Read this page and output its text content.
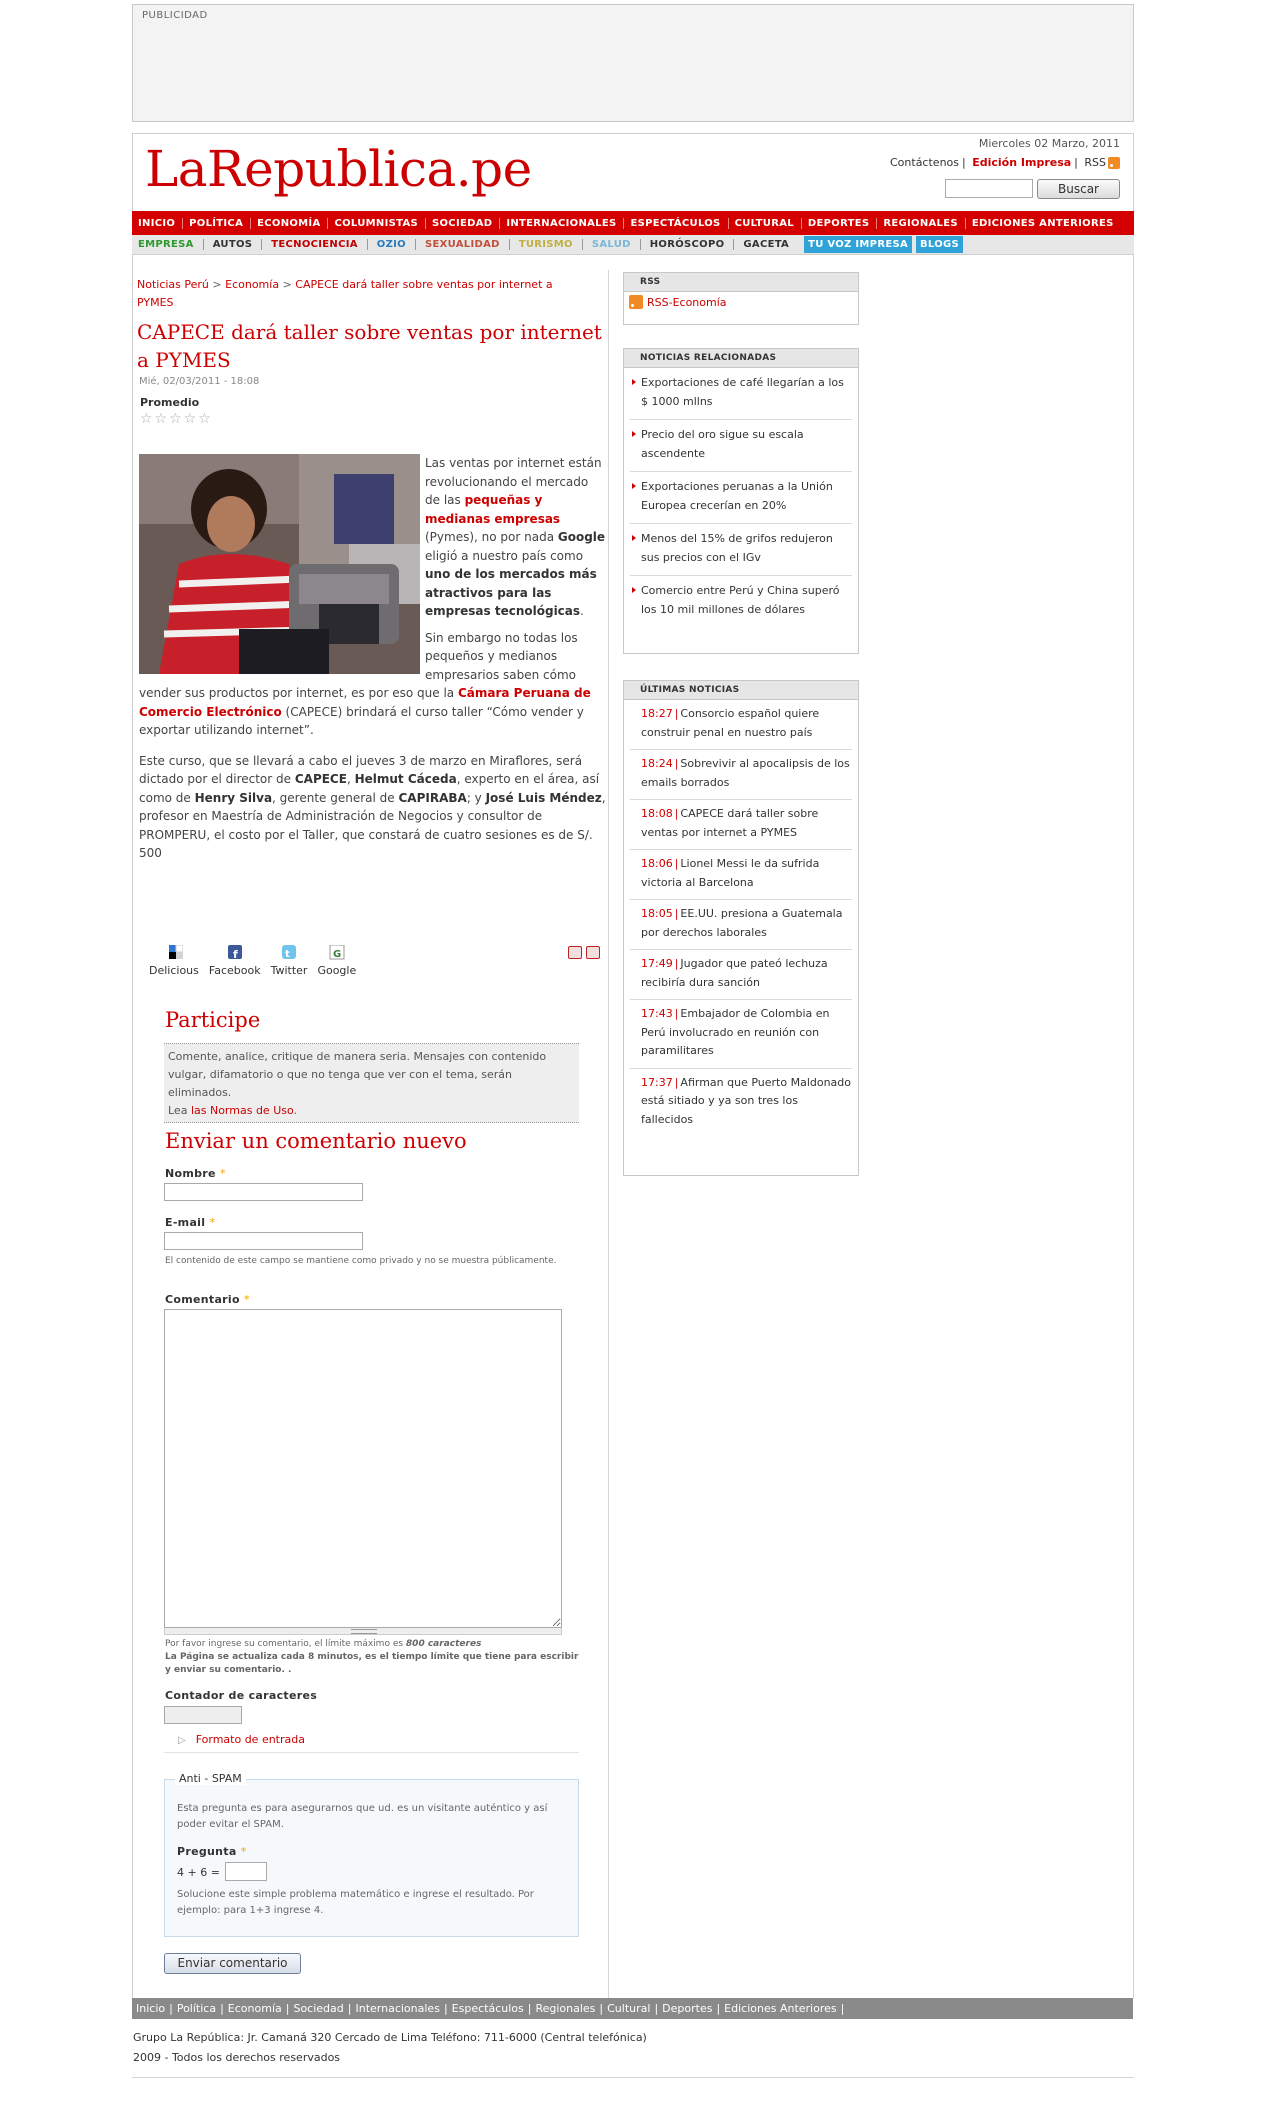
PUBLICIDAD
LaRepublica.pe	Miercoles 02 Marzo, 2011
Contáctenos | Edición Impresa | RSS
Buscar
INICIO	POLÍTICA	ECONOMÍA	COLUMNISTAS	SOCIEDAD	INTERNACIONALES	ESPECTÁCULOS	CULTURAL	DEPORTES	REGIONALES	EDICIONES ANTERIORES
EMPRESA	AUTOS	TECNOCIENCIA	OZIO	SEXUALIDAD	TURISMO	SALUD	HORÓSCOPO	GACETA	TU VOZ IMPRESA	BLOGS
Noticias Perú > Economía > CAPECE dará taller sobre ventas por internet a PYMES
CAPECE dará taller sobre ventas por internet a PYMES
Mié, 02/03/2011 - 18:08
Promedio
☆☆☆☆☆

Las ventas por internet están revolucionando el mercado de las pequeñas y medianas empresas (Pymes), no por nada Google eligió a nuestro país como uno de los mercados más atractivos para las empresas tecnológicas.

Sin embargo no todas los pequeños y medianos empresarios saben cómo vender sus productos por internet, es por eso que la Cámara Peruana de Comercio Electrónico (CAPECE) brindará el curso taller “Cómo vender y exportar utilizando internet”.

Este curso, que se llevará a cabo el jueves 3 de marzo en Miraflores, será dictado por el director de CAPECE, Helmut Cáceda, experto en el área, así como de Henry Silva, gerente general de CAPIRABA; y José Luis Méndez, profesor en Maestría de Administración de Negocios y consultor de PROMPERU, el costo por el Taller, que constará de cuatro sesiones es de S/. 500

Delicious
f
Facebook
t
Twitter
G
Google
Participe
Comente, analice, critique de manera seria. Mensajes con contenido vulgar, difamatorio o que no tenga que ver con el tema, serán eliminados.
Lea las Normas de Uso.
Enviar un comentario nuevo
Nombre *
E-mail *
El contenido de este campo se mantiene como privado y no se muestra públicamente.
Comentario *
Por favor ingrese su comentario, el límite máximo es 800 caracteres
La Página se actualiza cada 8 minutos, es el tiempo límite que tiene para escribir y enviar su comentario. .
Contador de caracteres
▷ Formato de entrada
Anti - SPAM
Esta pregunta es para asegurarnos que ud. es un visitante auténtico y así poder evitar el SPAM.
Pregunta *
4 + 6 =
Solucione este simple problema matemático e ingrese el resultado. Por ejemplo: para 1+3 ingrese 4.
Enviar comentario
RSS
RSS-Economía
NOTICIAS RELACIONADAS
Exportaciones de café llegarían a los $ 1000 mllns
Precio del oro sigue su escala ascendente
Exportaciones peruanas a la Unión Europea crecerían en 20%
Menos del 15% de grifos redujeron sus precios con el IGv
Comercio entre Perú y China superó los 10 mil millones de dólares
ÚLTIMAS NOTICIAS
18:27 | Consorcio español quiere construir penal en nuestro país
18:24 | Sobrevivir al apocalipsis de los emails borrados
18:08 | CAPECE dará taller sobre ventas por internet a PYMES
18:06 | Lionel Messi le da sufrida victoria al Barcelona
18:05 | EE.UU. presiona a Guatemala por derechos laborales
17:49 | Jugador que pateó lechuza recibiría dura sanción
17:43 | Embajador de Colombia en Perú involucrado en reunión con paramilitares
17:37 | Afirman que Puerto Maldonado está sitiado y ya son tres los fallecidos
Inicio | Política | Economía | Sociedad | Internacionales | Espectáculos | Regionales | Cultural | Deportes | Ediciones Anteriores |
Grupo La República: Jr. Camaná 320 Cercado de Lima Teléfono: 711-6000 (Central telefónica)
2009 - Todos los derechos reservados
